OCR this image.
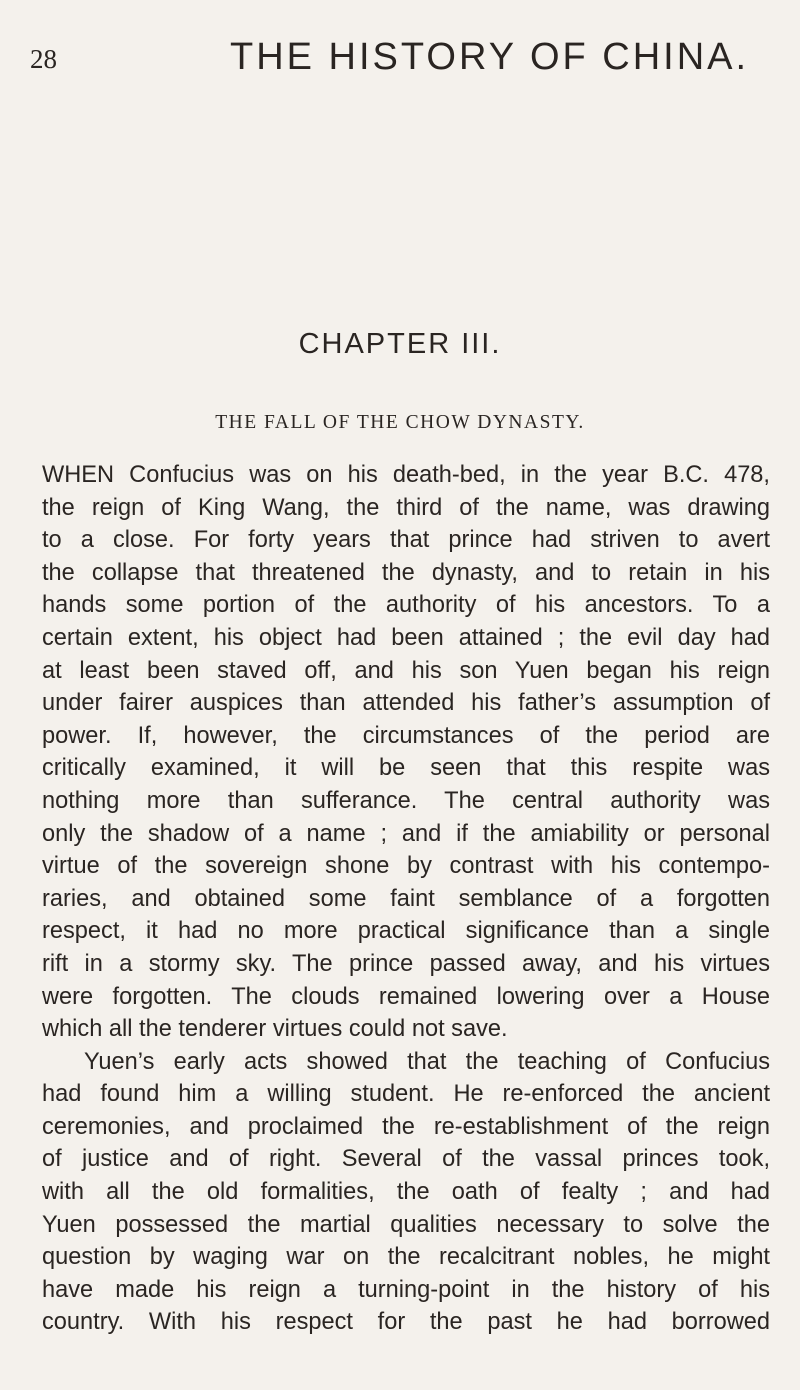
28	THE HISTORY OF CHINA.
CHAPTER III.
THE FALL OF THE CHOW DYNASTY.
WHEN Confucius was on his death-bed, in the year B.C. 478,
the reign of King Wang, the third of the name, was drawing
to a close. For forty years that prince had striven to avert
the collapse that threatened the dynasty, and to retain in his
hands some portion of the authority of his ancestors. To a
certain extent, his object had been attained ; the evil day had
at least been staved off, and his son Yuen began his reign
under fairer auspices than attended his father’s assumption of
power. If, however, the circumstances of the period are
critically examined, it will be seen that this respite was
nothing more than sufferance. The central authority was
only the shadow of a name ; and if the amiability or personal
virtue of the sovereign shone by contrast with his contempo-
raries, and obtained some faint semblance of a forgotten
respect, it had no more practical significance than a single
rift in a stormy sky. The prince passed away, and his virtues
were forgotten. The clouds remained lowering over a House
which all the tenderer virtues could not save.
Yuen’s early acts showed that the teaching of Confucius
had found him a willing student. He re-enforced the ancient
ceremonies, and proclaimed the re-establishment of the reign
of justice and of right. Several of the vassal princes took,
with all the old formalities, the oath of fealty ; and had
Yuen possessed the martial qualities necessary to solve the
question by waging war on the recalcitrant nobles, he might
have made his reign a turning-point in the history of his
country. With his respect for the past he had borrowed
